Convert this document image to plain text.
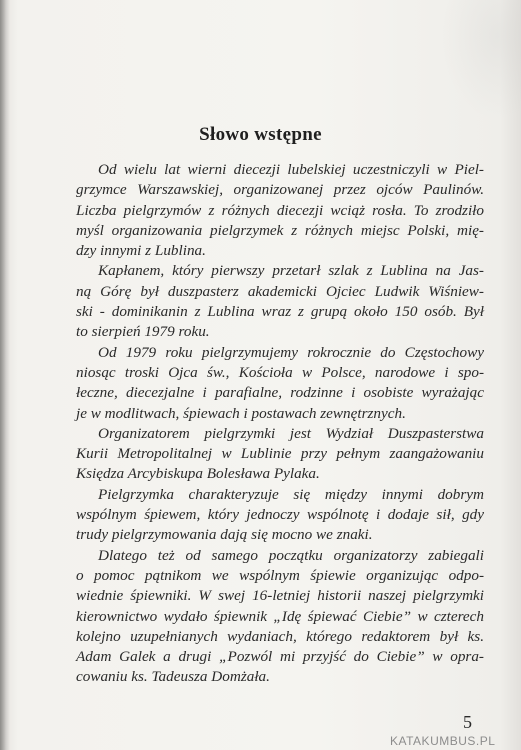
Słowo wstępne

Od wielu lat wierni diecezji lubelskiej uczestniczyli w Piel-
grzymce Warszawskiej, organizowanej przez ojców Paulinów.
Liczba pielgrzymów z różnych diecezji wciąż rosła. To zrodziło
myśl organizowania pielgrzymek z różnych miejsc Polski, mię-
dzy innymi z Lublina.

Kapłanem, który pierwszy przetarł szlak z Lublina na Jas-
ną Górę był duszpasterz akademicki Ojciec Ludwik Wiśniew-
ski - dominikanin z Lublina wraz z grupą około 150 osób. Był
to sierpień 1979 roku.

Od 1979 roku pielgrzymujemy rokrocznie do Częstochowy
niosąc troski Ojca św., Kościoła w Polsce, narodowe i spo-
łeczne, diecezjalne i parafialne, rodzinne i osobiste wyrażając
je w modlitwach, śpiewach i postawach zewnętrznych.

Organizatorem pielgrzymki jest Wydział Duszpasterstwa
Kurii Metropolitalnej w Lublinie przy pełnym zaangażowaniu
Księdza Arcybiskupa Bolesława Pylaka.

Pielgrzymka charakteryzuje się między innymi dobrym
wspólnym śpiewem, który jednoczy wspólnotę i dodaje sił, gdy
trudy pielgrzymowania dają się mocno we znaki.

Dlatego też od samego początku organizatorzy zabiegali
o pomoc pątnikom we wspólnym śpiewie organizując odpo-
wiednie śpiewniki. W swej 16-letniej historii naszej pielgrzymki
kierownictwo wydało śpiewnik „Idę śpiewać Ciebie” w czterech
kolejno uzupełnianych wydaniach, którego redaktorem był ks.
Adam Galek a drugi „Pozwól mi przyjść do Ciebie” w opra-
cowaniu ks. Tadeusza Domżała.

5
KATAKUMBUS.PL
